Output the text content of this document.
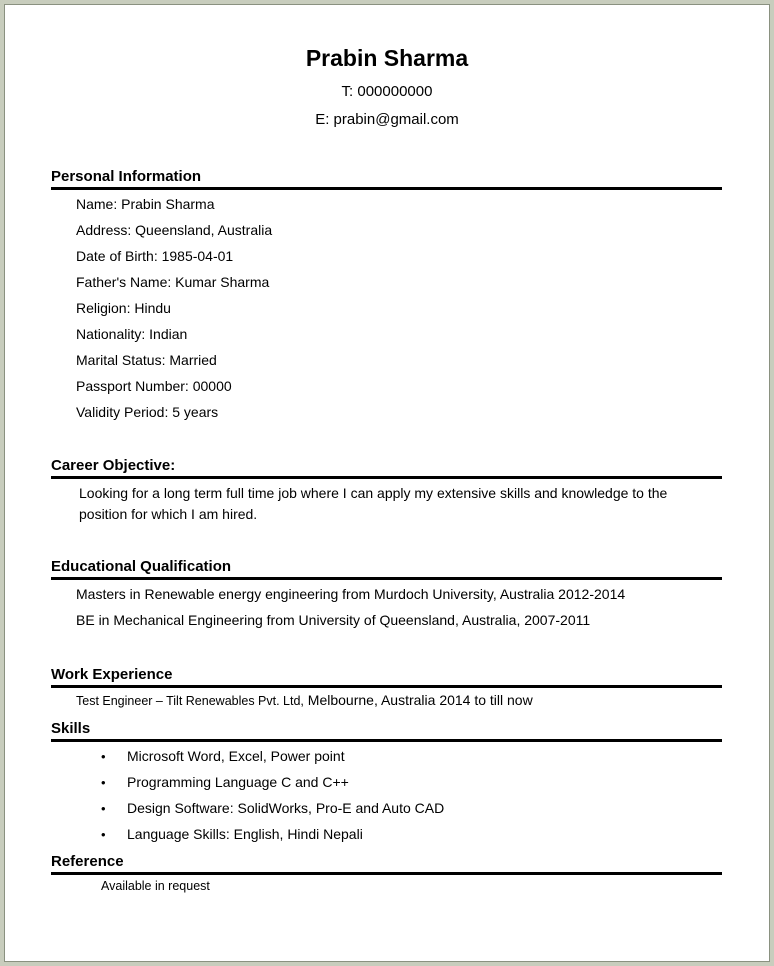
Prabin Sharma
T: 000000000
E: prabin@gmail.com
Personal Information
Name: Prabin Sharma
Address: Queensland, Australia
Date of Birth: 1985-04-01
Father's Name: Kumar Sharma
Religion: Hindu
Nationality: Indian
Marital Status: Married
Passport Number: 00000
Validity Period: 5 years
Career Objective:
Looking for a long term full time job where I can apply my extensive skills and knowledge to the position for which I am hired.
Educational Qualification
Masters in Renewable energy engineering from Murdoch University, Australia 2012-2014
BE in Mechanical Engineering from University of Queensland, Australia, 2007-2011
Work Experience
Test Engineer – Tilt Renewables Pvt. Ltd, Melbourne, Australia 2014 to till now
Skills
• Microsoft Word, Excel, Power point
• Programming Language C and C++
• Design Software: SolidWorks, Pro-E and Auto CAD
• Language Skills: English, Hindi Nepali
Reference
Available in request
